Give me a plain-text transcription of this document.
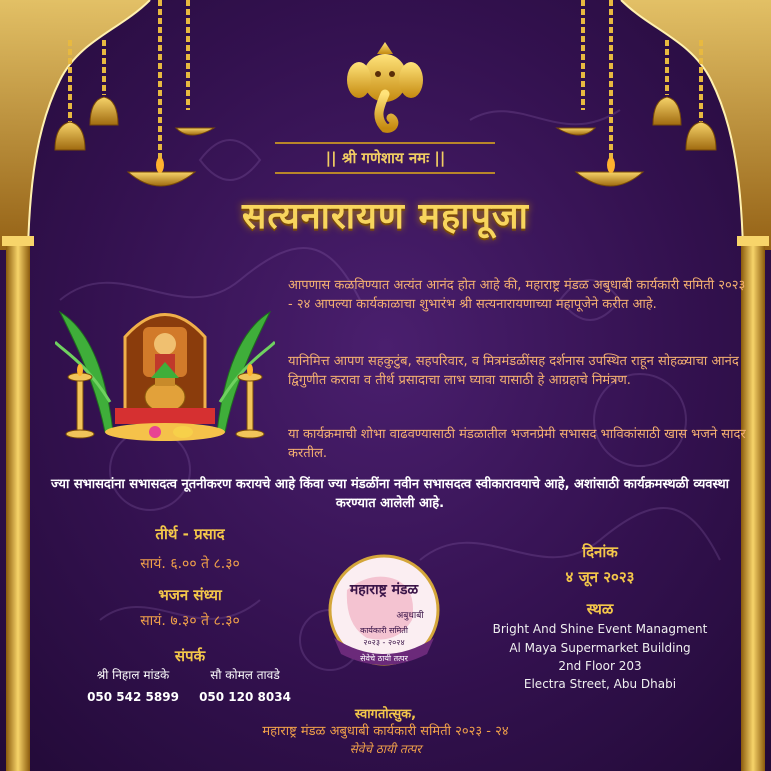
|| श्री गणेशाय नमः ||
सत्यनारायण महापूजा
आपणास कळविण्यात अत्यंत आनंद होत आहे की, महाराष्ट्र मंडळ अबुधाबी कार्यकारी समिती २०२३ - २४ आपल्या कार्यकाळाचा शुभारंभ श्री सत्यनारायणाच्या महापूजेने करीत आहे.
यानिमित्त आपण सहकुटुंब, सहपरिवार, व मित्रमंडळींसह दर्शनास उपस्थित राहून सोहळ्याचा आनंद द्विगुणीत करावा व तीर्थ प्रसादाचा लाभ घ्यावा यासाठी हे आग्रहाचे निमंत्रण.
या कार्यक्रमाची शोभा वाढवण्यासाठी मंडळातील भजनप्रेमी सभासद भाविकांसाठी खास भजने सादर करतील.
ज्या सभासदांना सभासदत्व नूतनीकरण करायचे आहे किंवा ज्या मंडळींना नवीन सभासदत्व स्वीकारावयाचे आहे, अशांसाठी कार्यक्रमस्थळी व्यवस्था करण्यात आलेली आहे.
तीर्थ - प्रसाद
सायं. ६.०० ते ८.३०
भजन संध्या
सायं. ७.३० ते ८.३०
संपर्क
श्री निहाल मांडके	सौ कोमल तावडे
050 542 5899	050 120 8034
महाराष्ट्र मंडळ
अबुधाबी
कार्यकारी समिती
२०२३ - २०२४
सेवेचे ठायी तत्पर
दिनांक
४ जून २०२३
स्थळ
Bright And Shine Event Managment
Al Maya Supermarket Building
2nd Floor 203
Electra Street, Abu Dhabi
स्वागतोत्सुक,
महाराष्ट्र मंडळ अबुधाबी कार्यकारी समिती २०२३ - २४
सेवेचे ठायी तत्पर
